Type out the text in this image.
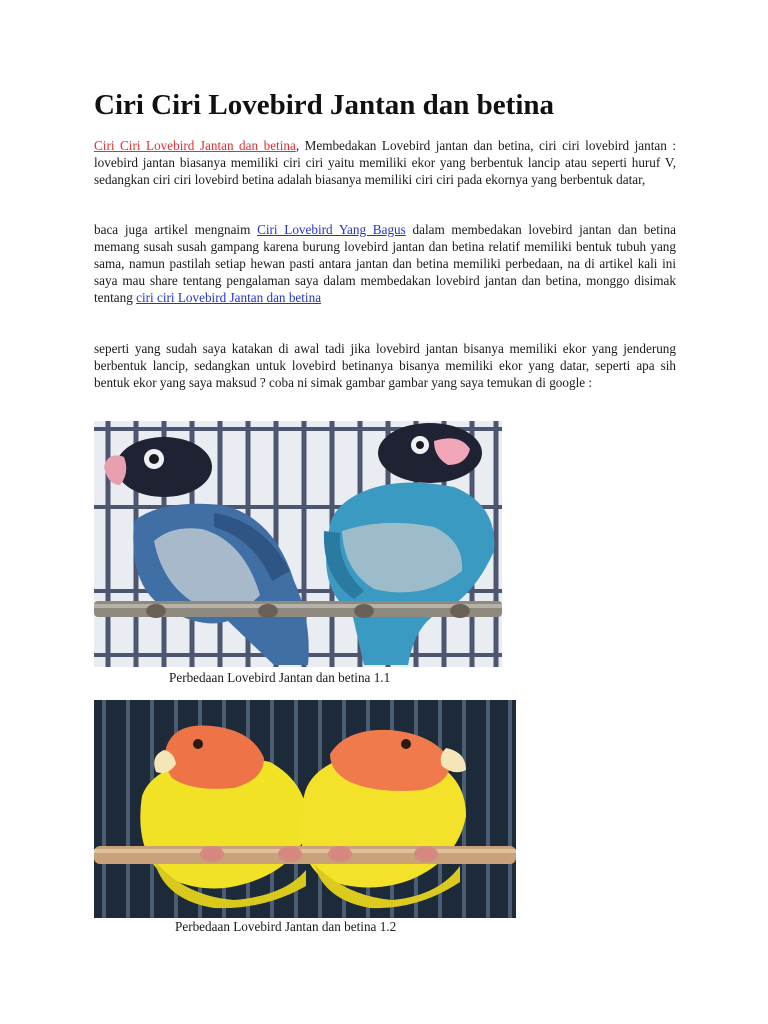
Ciri Ciri Lovebird Jantan dan betina

Ciri Ciri Lovebird Jantan dan betina, Membedakan Lovebird jantan dan betina, ciri ciri lovebird jantan : lovebird jantan biasanya memiliki ciri ciri yaitu memiliki ekor yang berbentuk lancip atau seperti huruf V, sedangkan ciri ciri lovebird betina adalah biasanya memiliki ciri ciri pada ekornya yang berbentuk datar,

baca juga artikel mengnaim Ciri Lovebird Yang Bagus dalam membedakan lovebird jantan dan betina memang susah susah gampang karena burung lovebird jantan dan betina relatif memiliki bentuk tubuh yang sama, namun pastilah setiap hewan pasti antara jantan dan betina memiliki perbedaan, na di artikel kali ini saya mau share tentang pengalaman saya dalam membedakan lovebird jantan dan betina, monggo disimak tentang ciri ciri Lovebird Jantan dan betina

seperti yang sudah saya katakan di awal tadi jika lovebird jantan bisanya memiliki ekor yang jenderung berbentuk lancip, sedangkan untuk lovebird betinanya bisanya memiliki ekor yang datar, seperti apa sih bentuk ekor yang saya maksud ? coba ni simak gambar gambar yang saya temukan di google :

Perbedaan Lovebird Jantan dan betina 1.1
Perbedaan Lovebird Jantan dan betina 1.2
